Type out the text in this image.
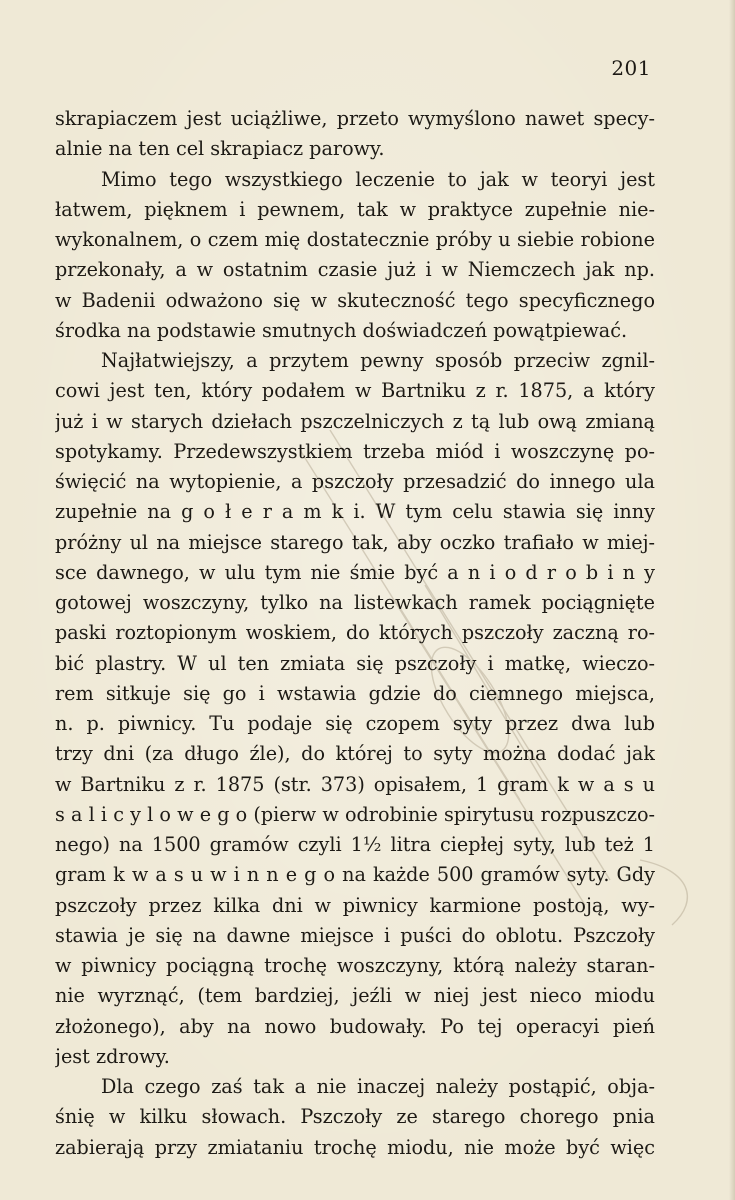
201
skrapiaczem jest uciążliwe, przeto wymyślono nawet specy-
alnie na ten cel skrapiacz parowy.
Mimo tego wszystkiego leczenie to jak w teoryi jest
łatwem, pięknem i pewnem, tak w praktyce zupełnie nie-
wykonalnem, o czem mię dostatecznie próby u siebie robione
przekonały, a w ostatnim czasie już i w Niemczech jak np.
w Badenii odważono się w skuteczność tego specyficznego
środka na podstawie smutnych doświadczeń powątpiewać.
Najłatwiejszy, a przytem pewny sposób przeciw zgnil-
cowi jest ten, który podałem w Bartniku z r. 1875, a który
już i w starych dziełach pszczelniczych z tą lub ową zmianą
spotykamy. Przedewszystkiem trzeba miód i woszczynę po-
święcić na wytopienie, a pszczoły przesadzić do innego ula
zupełnie na g o ł e r a m k i. W tym celu stawia się inny
próżny ul na miejsce starego tak, aby oczko trafiało w miej-
sce dawnego, w ulu tym nie śmie być a n i o d r o b i n y
gotowej woszczyny, tylko na listewkach ramek pociągnięte
paski roztopionym woskiem, do których pszczoły zaczną ro-
bić plastry. W ul ten zmiata się pszczoły i matkę, wieczo-
rem sitkuje się go i wstawia gdzie do ciemnego miejsca,
n. p. piwnicy. Tu podaje się czopem syty przez dwa lub
trzy dni (za długo źle), do której to syty można dodać jak
w Bartniku z r. 1875 (str. 373) opisałem, 1 gram k w a s u
s a l i c y l o w e g o (pierw w odrobinie spirytusu rozpuszczo-
nego) na 1500 gramów czyli 1½ litra ciepłej syty, lub też 1
gram k w a s u w i n n e g o na każde 500 gramów syty. Gdy
pszczoły przez kilka dni w piwnicy karmione postoją, wy-
stawia je się na dawne miejsce i puści do oblotu. Pszczoły
w piwnicy pociągną trochę woszczyny, którą należy staran-
nie wyrznąć, (tem bardziej, jeźli w niej jest nieco miodu
złożonego), aby na nowo budowały. Po tej operacyi pień
jest zdrowy.
Dla czego zaś tak a nie inaczej należy postąpić, obja-
śnię w kilku słowach. Pszczoły ze starego chorego pnia
zabierają przy zmiataniu trochę miodu, nie może być więc
